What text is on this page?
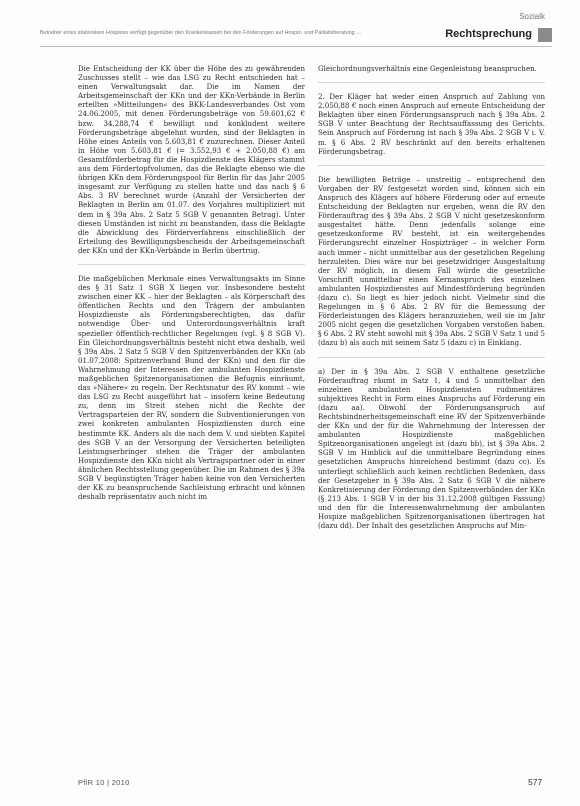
Sozialk
Betreiber eines stationären Hospizes verfügt gegenüber den Krankenkassen bei den Förderungen auf Hospiz- und Palliativberatung …	Rechtsprechung

Die Entscheidung der KK über die Höhe des zu gewährenden Zuschusses stellt – wie das LSG zu Recht entschieden hat – einen Verwaltungsakt dar. Die im Namen der Arbeitsgemeinschaft der KKn und der KKn-Verbände in Berlin erteilten »Mitteilungen« des BKK-Landesverbandes Ost vom 24.06.2005, mit denen Förderungsbeträge von 59.601,62 € bzw. 34.288,74 € bewilligt und konkludent weitere Förderungsbeträge abgelehnt wurden, sind der Beklagten in Höhe eines Anteils von 5.603,81 € zuzurechnen. Dieser Anteil in Höhe von 5.603,81 € (= 3.552,93 € + 2.050,88 €) am Gesamtförderbetrag für die Hospizdienste des Klägers stammt aus dem Fördertopfvolumen, das die Beklagte ebenso wie die übrigen KKn dem Förderungspool für Berlin für das Jahr 2005 insgesamt zur Verfügung zu stellen hatte und das nach § 6 Abs. 3 RV berechnet wurde (Anzahl der Versicherten der Beklagten in Berlin am 01.07. des Vorjahres multipliziert mit dem in § 39a Abs. 2 Satz 5 SGB V genannten Betrag). Unter diesen Umständen ist nicht zu beanstanden, dass die Beklagte die Abwicklung des Förderverfahrens einschließlich der Erteilung des Bewilligungsbescheids der Arbeitsgemeinschaft der KKn und der KKn-Verbände in Berlin übertrug.

Die maßgeblichen Merkmale eines Verwaltungsakts im Sinne des § 31 Satz 1 SGB X liegen vor. Insbesondere besteht zwischen einer KK – hier der Beklagten – als Körperschaft des öffentlichen Rechts und den Trägern der ambulanten Hospizdienste als Förderungsberechtigten, das dafür notwendige Über- und Unterordnungsverhältnis kraft spezieller öffentlich-rechtlicher Regelungen (vgl. § 8 SGB V). Ein Gleichordnungsverhältnis besteht nicht etwa deshalb, weil § 39a Abs. 2 Satz 5 SGB V den Spitzenverbänden der KKn (ab 01.07.2008: Spitzenverband Bund der KKn) und den für die Wahrnehmung der Interessen der ambulanten Hospizdienste maßgeblichen Spitzenorganisationen die Befugnis einräumt, das »Nähere« zu regeln. Der Rechtsnatur des RV kommt – wie das LSG zu Recht ausgeführt hat – insofern keine Bedeutung zu, denn im Streit stehen nicht die Rechte der Vertragsparteien der RV, sondern die Subventionierungen von zwei konkreten ambulanten Hospizdiensten durch eine bestimmte KK. Anders als die nach dem V. und siebten Kapitel des SGB V an der Versorgung der Versicherten beteiligten Leistungserbringer stehen die Träger der ambulanten Hospizdienste den KKn nicht als Vertragspartner oder in einer ähnlichen Rechtsstellung gegenüber. Die im Rahmen des § 39a SGB V begünstigten Träger haben keine von den Versicherten der KK zu beanspruchende Sachleistung erbracht und können deshalb repräsentativ auch nicht im

Gleichordnungsverhältnis eine Gegenleistung beanspruchen.

2. Der Kläger hat weder einen Anspruch auf Zahlung von 2.050,88 € noch einen Anspruch auf erneute Entscheidung der Beklagten über einen Förderungsanspruch nach § 39a Abs. 2 SGB V unter Beachtung der Rechtsauffassung des Gerichts. Sein Anspruch auf Förderung ist nach § 39a Abs. 2 SGB V i. V. m. § 6 Abs. 2 RV beschränkt auf den bereits erhaltenen Förderungsbetrag.

Die bewilligten Beträge – unstreitig – entsprechend den Vorgaben der RV festgesetzt worden sind, können sich ein Anspruch des Klägers auf höhere Förderung oder auf erneute Entscheidung der Beklagten nur ergeben, wenn die RV den Förderauftrag des § 39a Abs. 2 SGB V nicht gesetzeskonform ausgestaltet hätte. Denn jedenfalls solange eine gesetzeskonforme RV besteht, ist ein weitergehendes Förderungsrecht einzelner Hospizträger – in welcher Form auch immer – nicht unmittelbar aus der gesetzlichen Regelung herzuleiten. Dies wäre nur bei gesetzwidriger Ausgestaltung der RV möglich, in diesem Fall würde die gesetzliche Vorschrift unmittelbar einen Kernanspruch des einzelnen ambulanten Hospizdienstes auf Mindestförderung begründen (dazu c). So liegt es hier jedoch nicht. Vielmehr sind die Regelungen in § 6 Abs. 2 RV für die Bemessung der Förderleistungen des Klägers heranzuziehen, weil sie im Jahr 2005 nicht gegen die gesetzlichen Vorgaben verstoßen haben. § 6 Abs. 2 RV steht sowohl mit § 39a Abs. 2 SGB V Satz 1 und 5 (dazu b) als auch mit seinem Satz 5 (dazu c) in Einklang.

a) Der in § 39a Abs. 2 SGB V enthaltene gesetzliche Förderauftrag räumt in Satz 1, 4 und 5 unmittelbar den einzelnen ambulanten Hospizdiensten rudimentäres subjektives Recht in Form eines Anspruchs auf Förderung ein (dazu aa). Obwohl der Förderungsanspruch auf Rechtsbindnerheitsgemeinschaft eine RV der Spitzenverbände der KKn und der für die Wahrnehmung der Interessen der ambulanten Hospizdienste maßgeblichen Spitzenorganisationen angelegt ist (dazu bb), ist § 39a Abs. 2 SGB V im Hinblick auf die unmittelbare Begründung eines gesetzlichen Anspruchs hinreichend bestimmt (dazu cc). Es unterliegt schließlich auch keinen rechtlichen Bedenken, dass der Gesetzgeber in § 39a Abs. 2 Satz 6 SGB V die nähere Konkretisierung der Förderung den Spitzenverbänden der KKn (§ 213 Abs. 1 SGB V in der bis 31.12.2008 gültigen Fassung) und den für die Interessenwahrnehmung der ambulanten Hospize maßgeblichen Spitzenorganisationen übertragen hat (dazu dd). Der Inhalt des gesetzlichen Anspruchs auf Min-

PflR 10 | 2010	577
